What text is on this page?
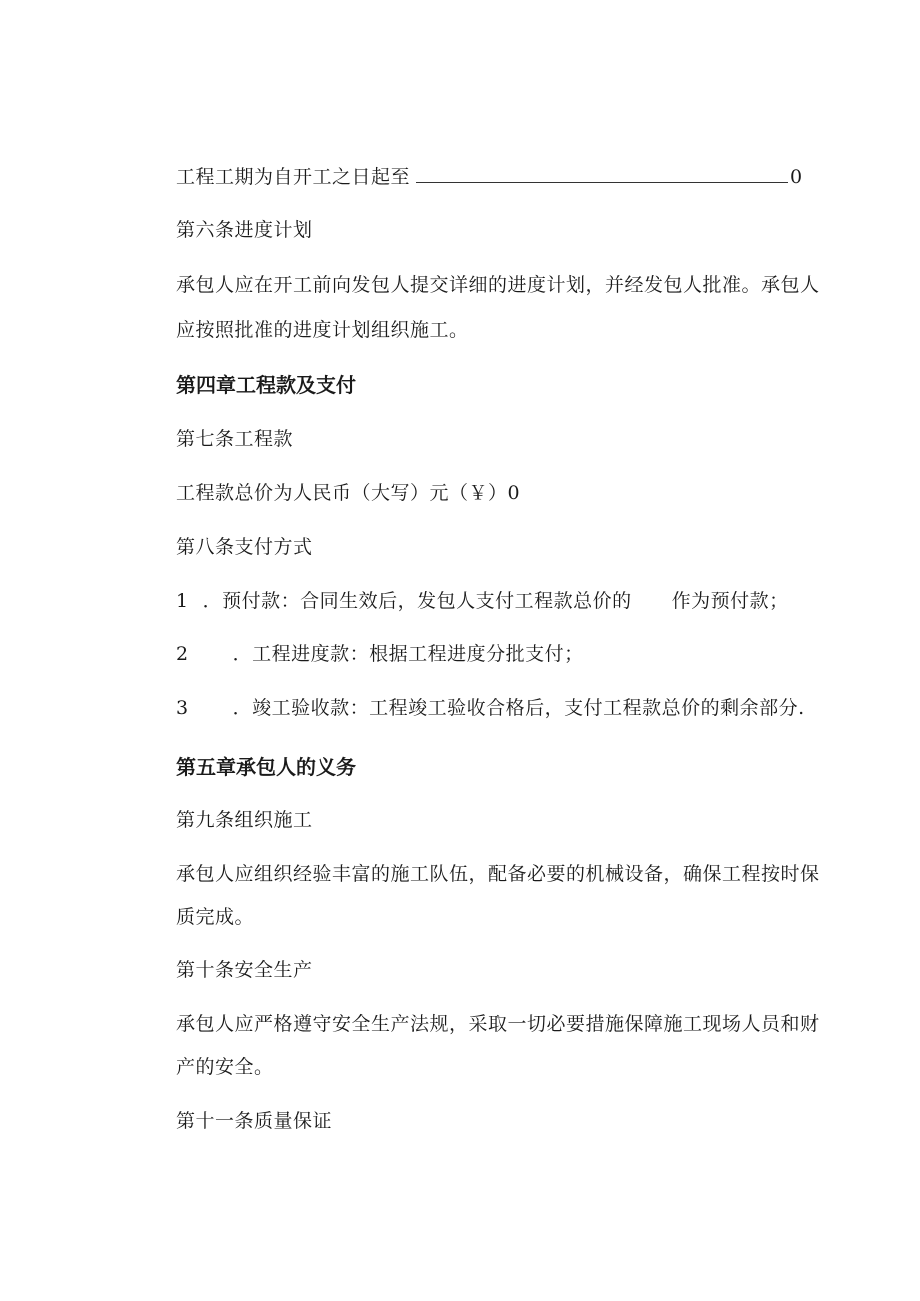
工程工期为自开工之日起至	0
第六条进度计划
承包人应在开工前向发包人提交详细的进度计划，并经发包人批准。承包人
应按照批准的进度计划组织施工。
第四章工程款及支付
第七条工程款
工程款总价为人民币（大写）元（￥）0
第八条支付方式
1 ．预付款：合同生效后，发包人支付工程款总价的 作为预付款；
2 ．工程进度款：根据工程进度分批支付；
3 ．竣工验收款：工程竣工验收合格后，支付工程款总价的剩余部分.
第五章承包人的义务
第九条组织施工
承包人应组织经验丰富的施工队伍，配备必要的机械设备，确保工程按时保
质完成。
第十条安全生产
承包人应严格遵守安全生产法规，采取一切必要措施保障施工现场人员和财
产的安全。
第十一条质量保证
